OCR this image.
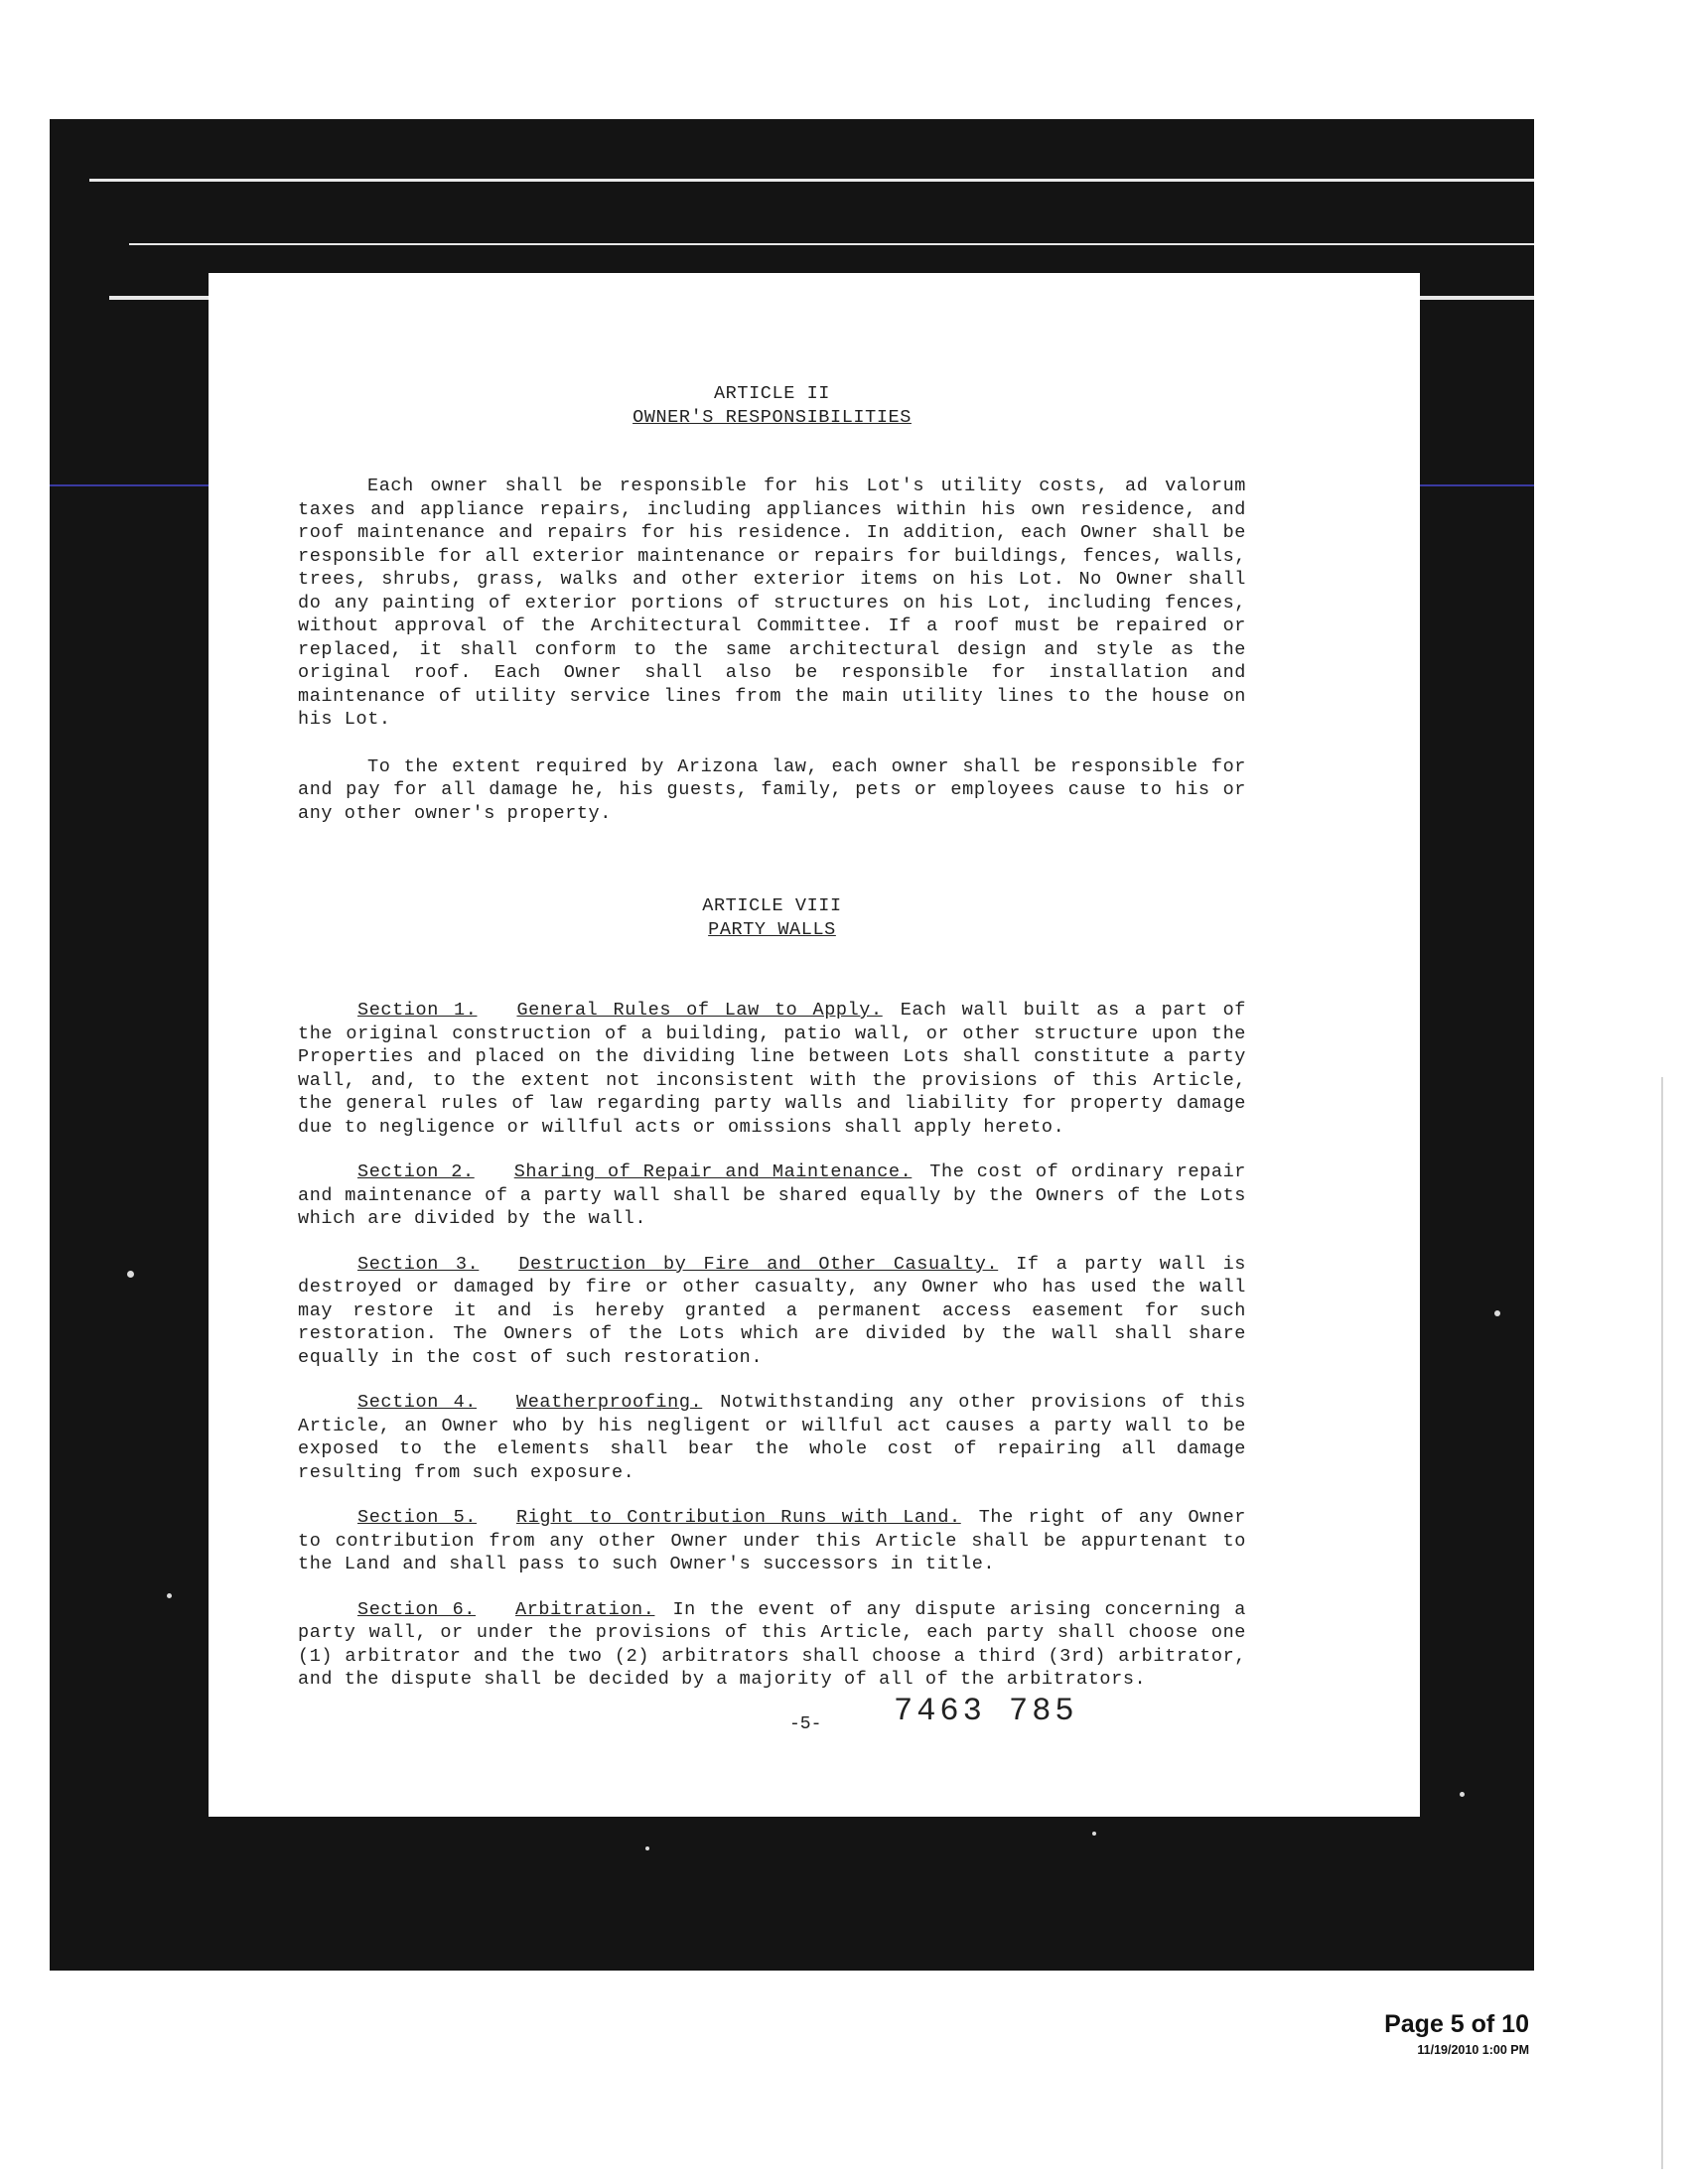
ARTICLE II
OWNER'S RESPONSIBILITIES

Each owner shall be responsible for his Lot's utility costs, ad valorum taxes and appliance repairs, including appliances within his own residence, and roof maintenance and repairs for his residence. In addition, each Owner shall be responsible for all exterior maintenance or repairs for buildings, fences, walls, trees, shrubs, grass, walks and other exterior items on his Lot. No Owner shall do any painting of exterior portions of structures on his Lot, including fences, without approval of the Architectural Committee. If a roof must be repaired or replaced, it shall conform to the same architectural design and style as the original roof. Each Owner shall also be responsible for installation and maintenance of utility service lines from the main utility lines to the house on his Lot.

To the extent required by Arizona law, each owner shall be responsible for and pay for all damage he, his guests, family, pets or employees cause to his or any other owner's property.

ARTICLE VIII
PARTY WALLS

Section 1. General Rules of Law to Apply. Each wall built as a part of the original construction of a building, patio wall, or other structure upon the Properties and placed on the dividing line between Lots shall constitute a party wall, and, to the extent not inconsistent with the provisions of this Article, the general rules of law regarding party walls and liability for property damage due to negligence or willful acts or omissions shall apply hereto.

Section 2. Sharing of Repair and Maintenance. The cost of ordinary repair and maintenance of a party wall shall be shared equally by the Owners of the Lots which are divided by the wall.

Section 3. Destruction by Fire and Other Casualty. If a party wall is destroyed or damaged by fire or other casualty, any Owner who has used the wall may restore it and is hereby granted a permanent access easement for such restoration. The Owners of the Lots which are divided by the wall shall share equally in the cost of such restoration.

Section 4. Weatherproofing. Notwithstanding any other provisions of this Article, an Owner who by his negligent or willful act causes a party wall to be exposed to the elements shall bear the whole cost of repairing all damage resulting from such exposure.

Section 5. Right to Contribution Runs with Land. The right of any Owner to contribution from any other Owner under this Article shall be appurtenant to the Land and shall pass to such Owner's successors in title.

Section 6. Arbitration. In the event of any dispute arising concerning a party wall, or under the provisions of this Article, each party shall choose one (1) arbitrator and the two (2) arbitrators shall choose a third (3rd) arbitrator, and the dispute shall be decided by a majority of all of the arbitrators.

-5- 7463 785
Page 5 of 10
11/19/2010 1:00 PM
